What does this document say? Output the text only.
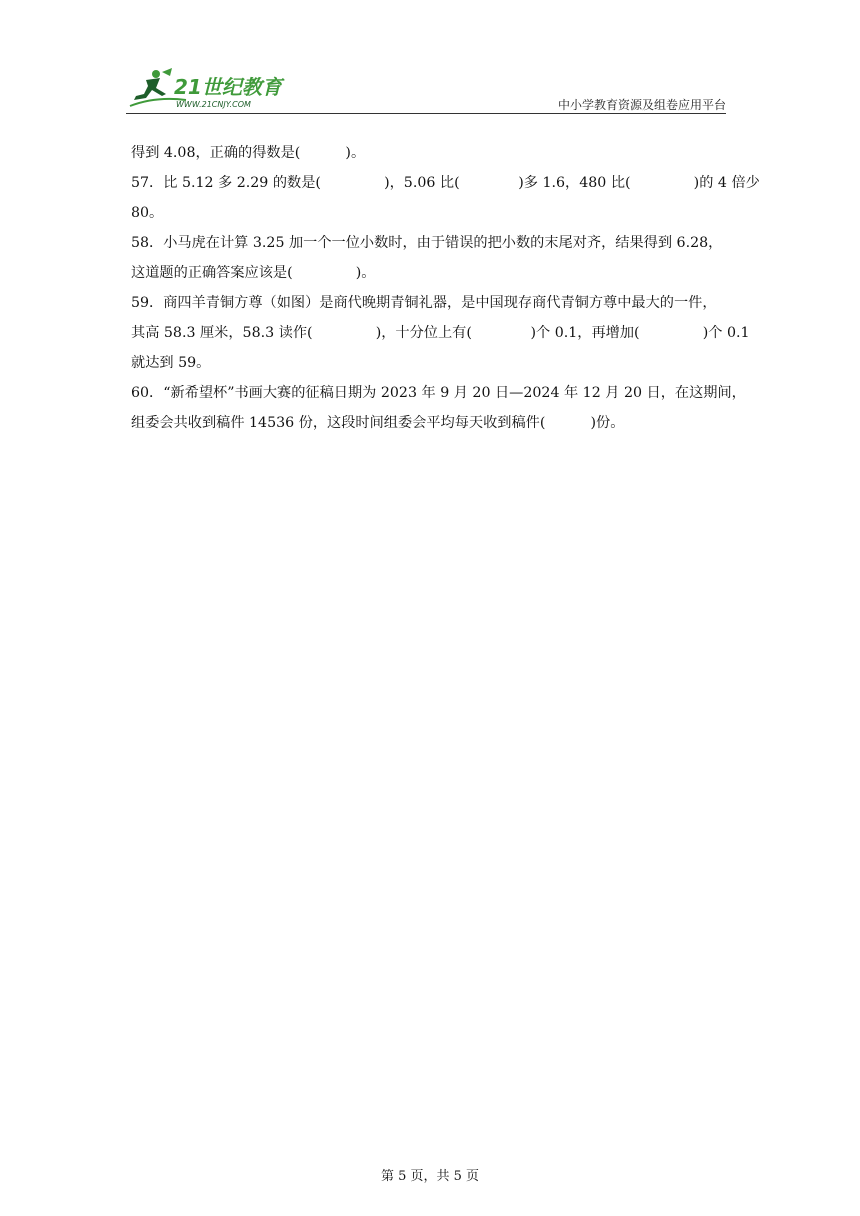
21世纪教育
WWW.21CNJY.COM	中小学教育资源及组卷应用平台
得到 4.08，正确的得数是(          )。
57．比 5.12 多 2.29 的数是(              )，5.06 比(             )多 1.6，480 比(              )的 4 倍少
80。
58．小马虎在计算 3.25 加一个一位小数时，由于错误的把小数的末尾对齐，结果得到 6.28，
这道题的正确答案应该是(              )。
59．商四羊青铜方尊（如图）是商代晚期青铜礼器，是中国现存商代青铜方尊中最大的一件，
其高 58.3 厘米，58.3 读作(              )，十分位上有(             )个 0.1，再增加(              )个 0.1
就达到 59。
60．“新希望杯”书画大赛的征稿日期为 2023 年 9 月 20 日—2024 年 12 月 20 日，在这期间，
组委会共收到稿件 14536 份，这段时间组委会平均每天收到稿件(          )份。
第 5 页，共 5 页
